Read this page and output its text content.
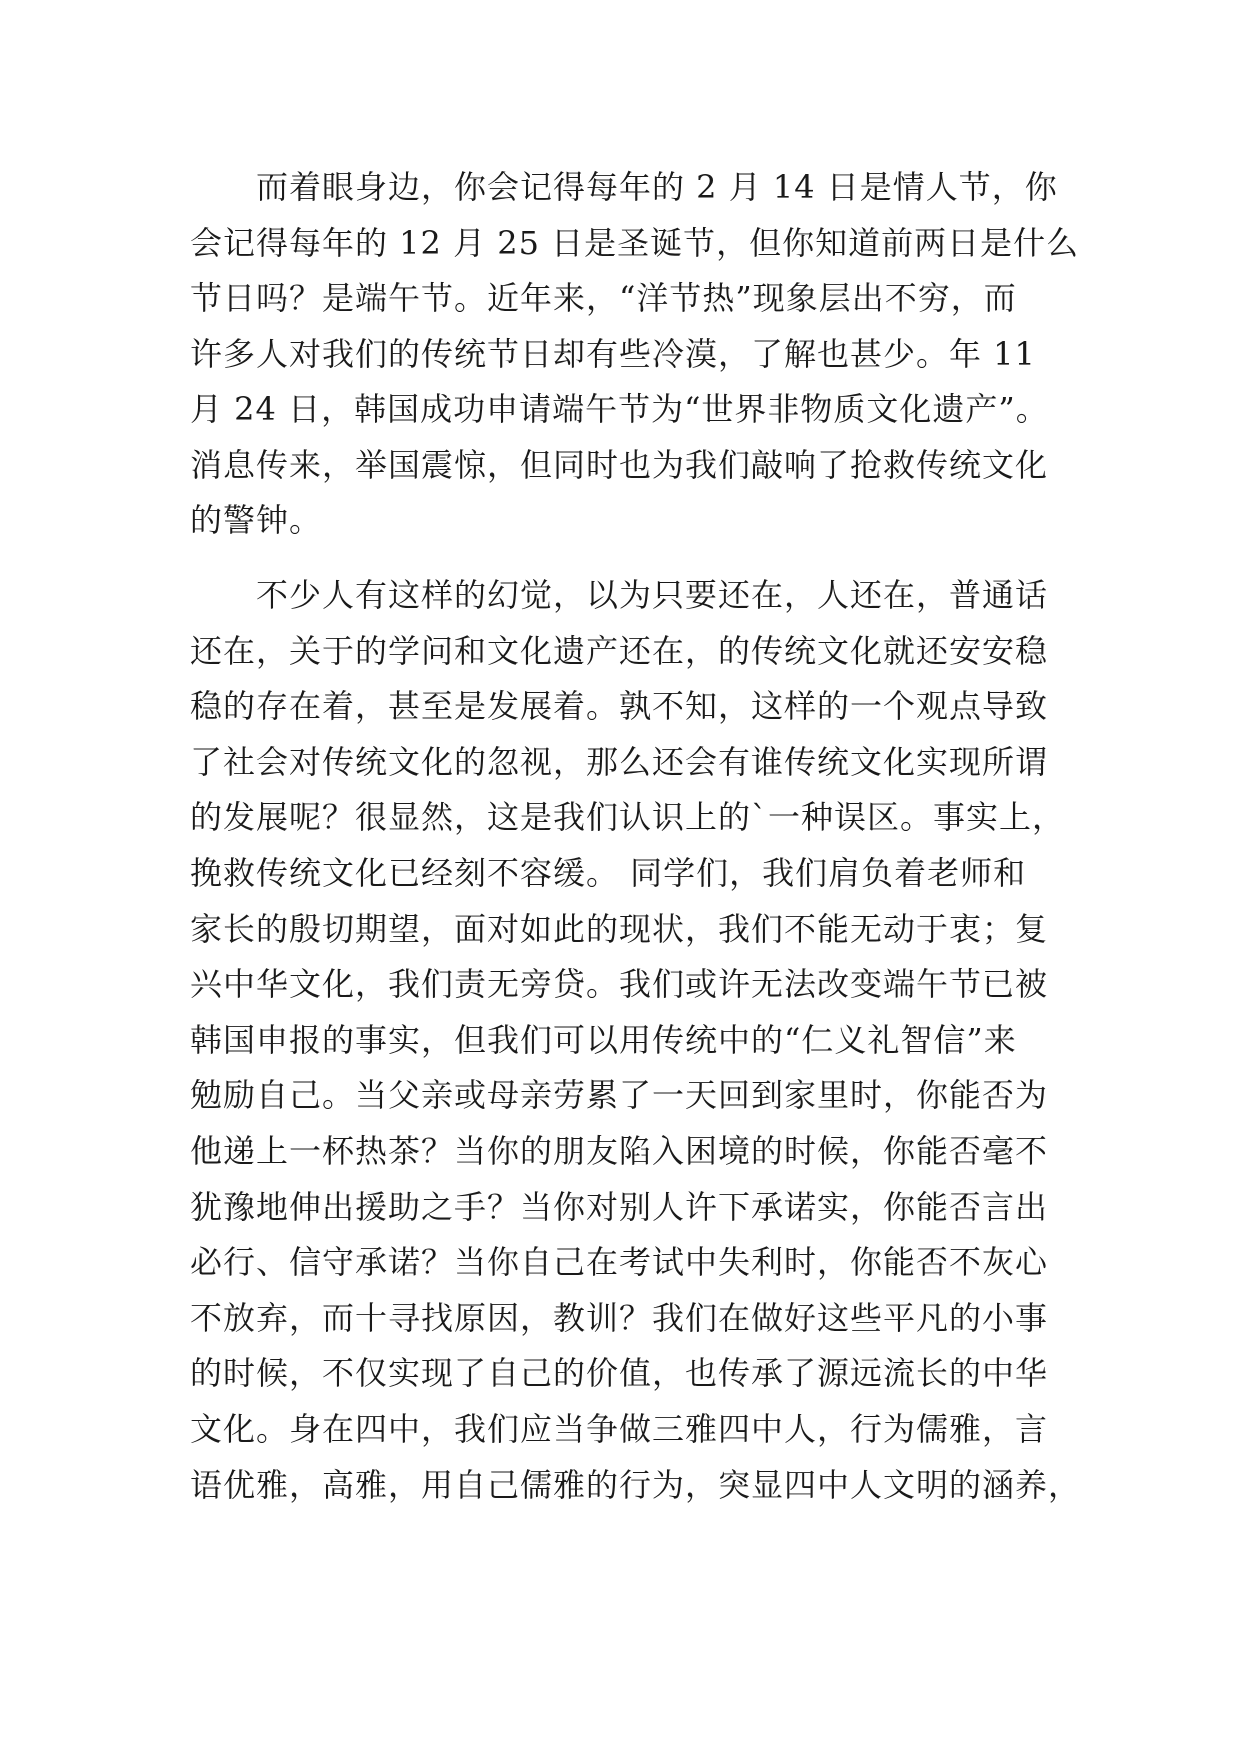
而着眼身边，你会记得每年的 2 月 14 日是情人节，你
会记得每年的 12 月 25 日是圣诞节，但你知道前两日是什么
节日吗？是端午节。近年来，“洋节热”现象层出不穷，而
许多人对我们的传统节日却有些冷漠，了解也甚少。年 11
月 24 日，韩国成功申请端午节为“世界非物质文化遗产”。
消息传来，举国震惊，但同时也为我们敲响了抢救传统文化
的警钟。
不少人有这样的幻觉，以为只要还在，人还在，普通话
还在，关于的学问和文化遗产还在，的传统文化就还安安稳
稳的存在着，甚至是发展着。孰不知，这样的一个观点导致
了社会对传统文化的忽视，那么还会有谁传统文化实现所谓
的发展呢？很显然，这是我们认识上的`一种误区。事实上，
挽救传统文化已经刻不容缓。 同学们，我们肩负着老师和
家长的殷切期望，面对如此的现状，我们不能无动于衷；复
兴中华文化，我们责无旁贷。我们或许无法改变端午节已被
韩国申报的事实，但我们可以用传统中的“仁义礼智信”来
勉励自己。当父亲或母亲劳累了一天回到家里时，你能否为
他递上一杯热茶？当你的朋友陷入困境的时候，你能否毫不
犹豫地伸出援助之手？当你对别人许下承诺实，你能否言出
必行、信守承诺？当你自己在考试中失利时，你能否不灰心
不放弃，而十寻找原因，教训？我们在做好这些平凡的小事
的时候，不仅实现了自己的价值，也传承了源远流长的中华
文化。身在四中，我们应当争做三雅四中人，行为儒雅，言
语优雅，高雅，用自己儒雅的行为，突显四中人文明的涵养，
